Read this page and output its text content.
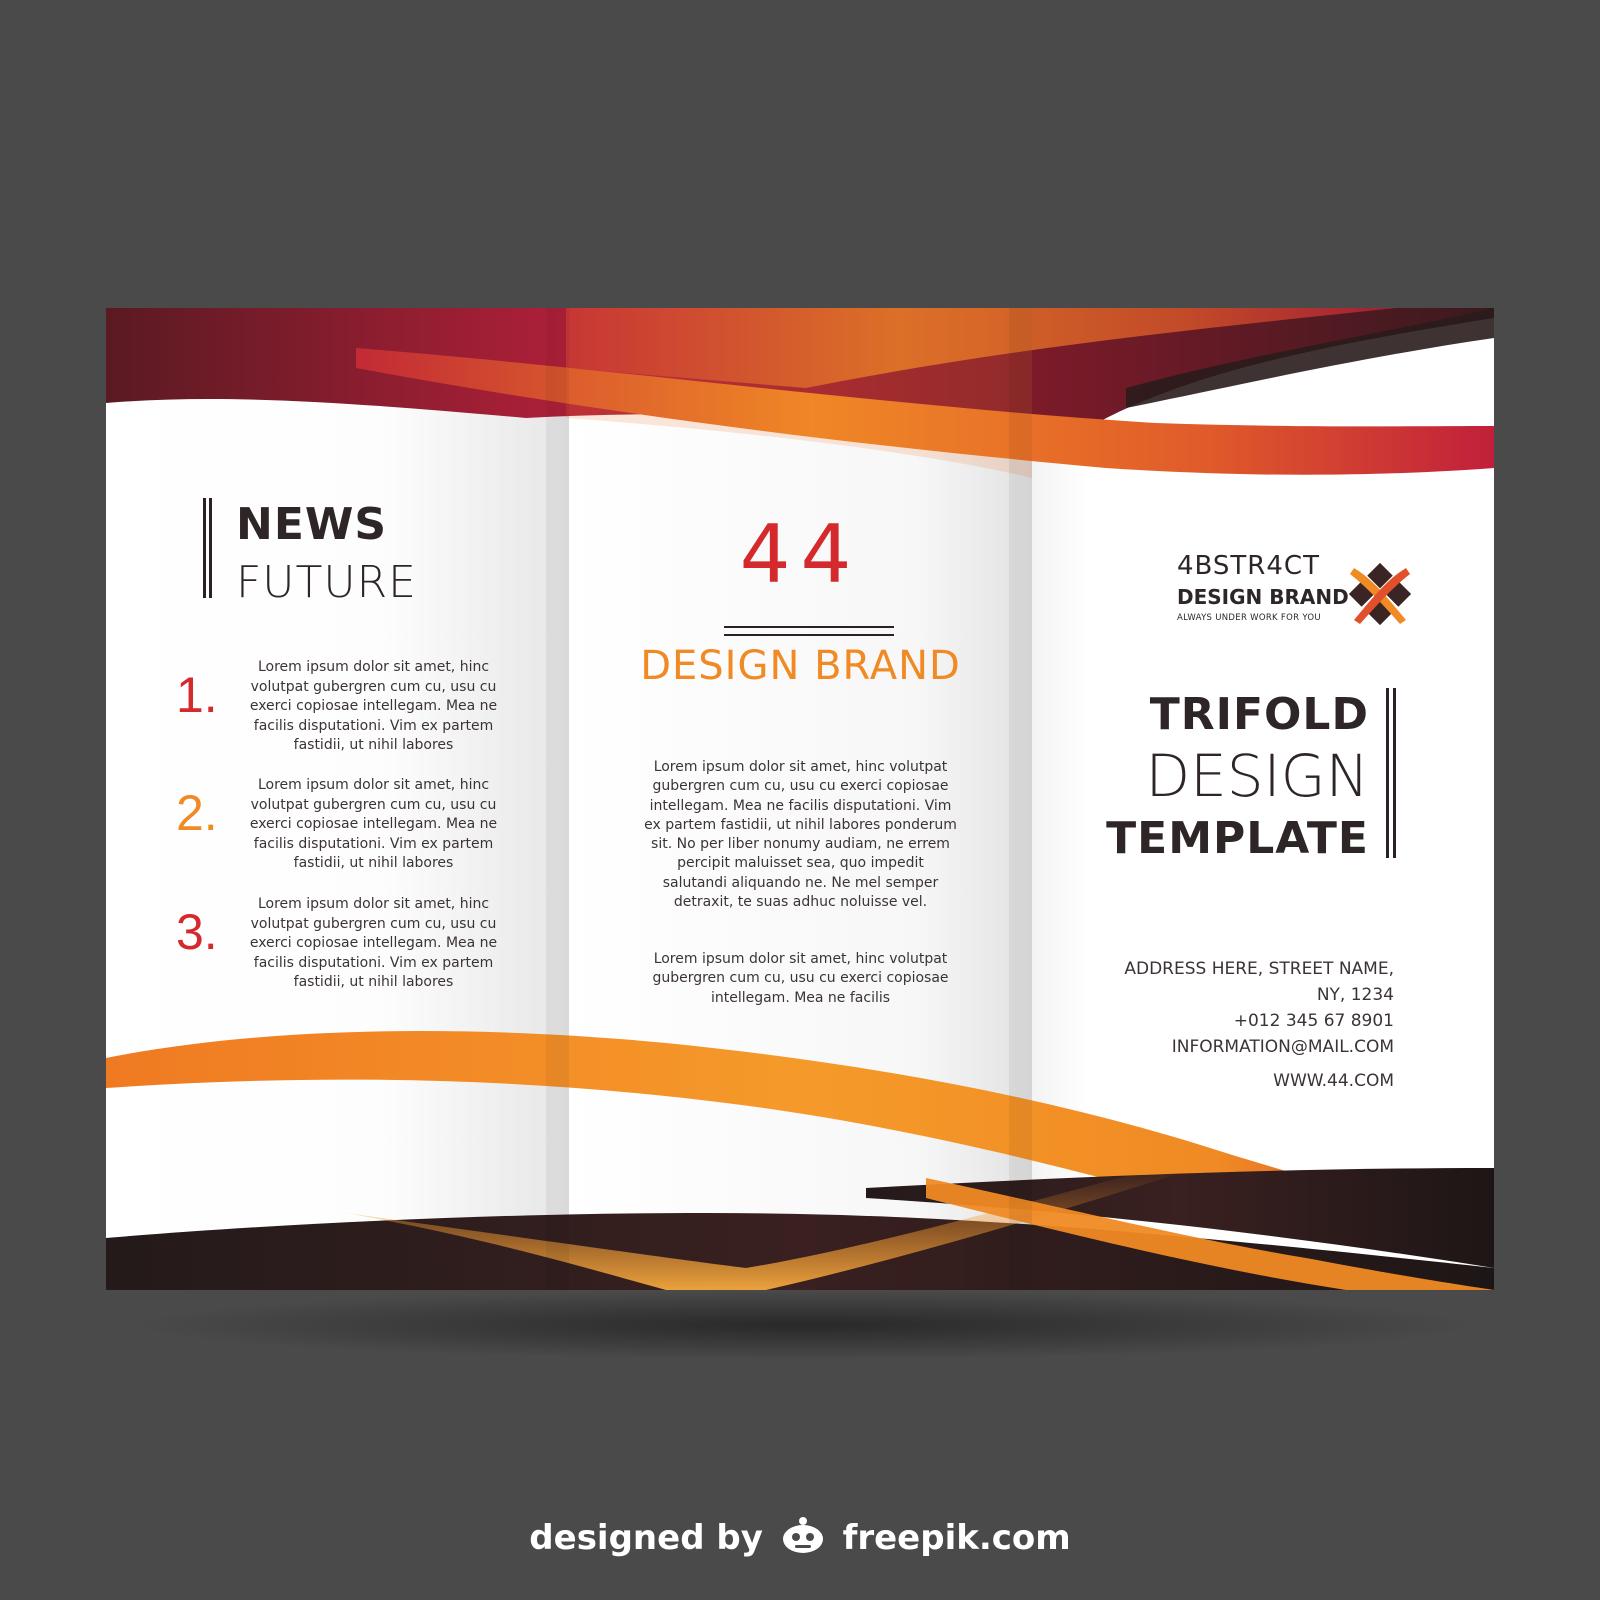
NEWS
FUTURE
1.	Lorem ipsum dolor sit amet, hinc volutpat gubergren cum cu, usu cu exerci copiosae intellegam. Mea ne facilis disputationi. Vim ex partem fastidii, ut nihil labores
2.	Lorem ipsum dolor sit amet, hinc volutpat gubergren cum cu, usu cu exerci copiosae intellegam. Mea ne facilis disputationi. Vim ex partem fastidii, ut nihil labores
3.	Lorem ipsum dolor sit amet, hinc volutpat gubergren cum cu, usu cu exerci copiosae intellegam. Mea ne facilis disputationi. Vim ex partem fastidii, ut nihil labores
44
DESIGN BRAND
Lorem ipsum dolor sit amet, hinc volutpat gubergren cum cu, usu cu exerci copiosae intellegam. Mea ne facilis disputationi. Vim ex partem fastidii, ut nihil labores ponderum sit. No per liber nonumy audiam, ne errem percipit maluisset sea, quo impedit salutandi aliquando ne. Ne mel semper detraxit, te suas adhuc noluisse vel.
Lorem ipsum dolor sit amet, hinc volutpat gubergren cum cu, usu cu exerci copiosae intellegam. Mea ne facilis
4BSTR4CT
DESIGN BRAND
ALWAYS UNDER WORK FOR YOU
TRIFOLD
DESIGN
TEMPLATE
ADDRESS HERE, STREET NAME,
NY, 1234
+012 345 67 8901
INFORMATION@MAIL.COM
WWW.44.COM
designed by freepik.com
